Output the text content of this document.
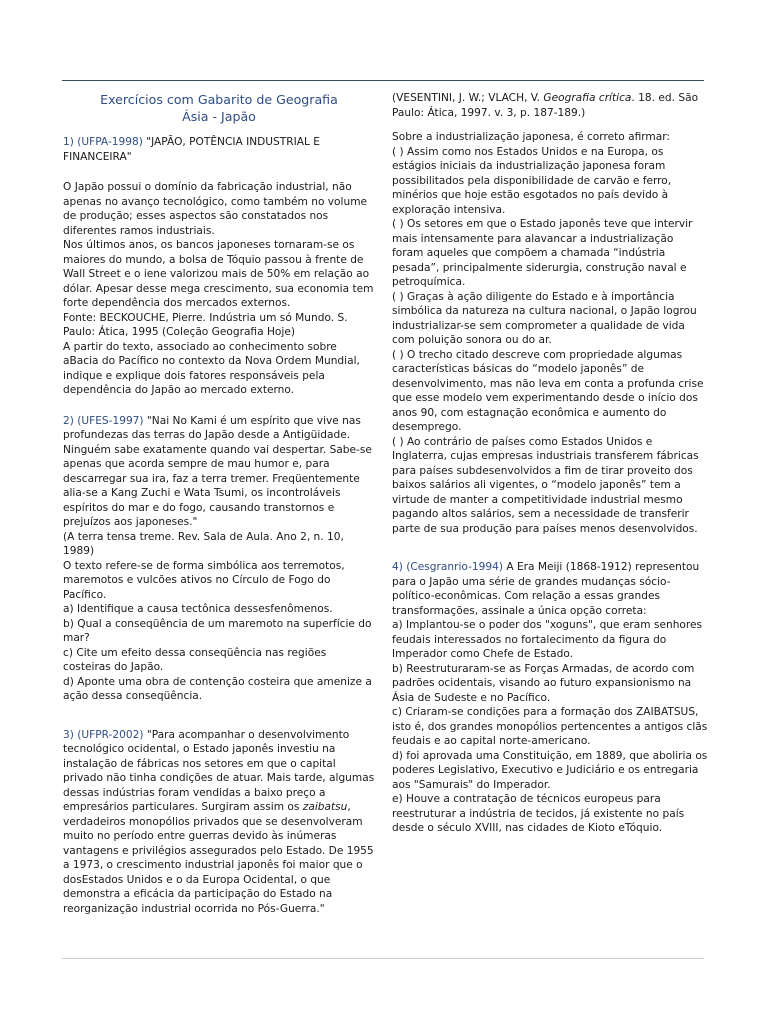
Exercícios com Gabarito de Geografia
Ásia - Japão

1) (UFPA-1998) "JAPÃO, POTÊNCIA INDUSTRIAL E FINANCEIRA"

O Japão possui o domínio da fabricação industrial, não apenas no avanço tecnológico, como também no volume de produção; esses aspectos são constatados nos diferentes ramos industriais.

Nos últimos anos, os bancos japoneses tornaram-se os maiores do mundo, a bolsa de Tóquio passou à frente de Wall Street e o iene valorizou mais de 50% em relação ao dólar. Apesar desse mega crescimento, sua economia tem forte dependência dos mercados externos.

Fonte: BECKOUCHE, Pierre. Indústria um só Mundo. S. Paulo: Ática, 1995 (Coleção Geografia Hoje)

A partir do texto, associado ao conhecimento sobre aBacia do Pacífico no contexto da Nova Ordem Mundial, indique e explique dois fatores responsáveis pela dependência do Japão ao mercado externo.

2) (UFES-1997) "Nai No Kami é um espírito que vive nas profundezas das terras do Japão desde a Antigüidade. Ninguém sabe exatamente quando vai despertar. Sabe-se apenas que acorda sempre de mau humor e, para descarregar sua ira, faz a terra tremer. Freqüentemente alia-se a Kang Zuchi e Wata Tsumi, os incontroláveis espíritos do mar e do fogo, causando transtornos e prejuízos aos japoneses."

(A terra tensa treme. Rev. Sala de Aula. Ano 2, n. 10, 1989)

O texto refere-se de forma simbólica aos terremotos, maremotos e vulcões ativos no Círculo de Fogo do Pacífico.

a) Identifique a causa tectônica dessesfenômenos.

b) Qual a conseqüência de um maremoto na superfície do mar?

c) Cite um efeito dessa conseqüência nas regiões costeiras do Japão.

d) Aponte uma obra de contenção costeira que amenize a ação dessa conseqüência.

3) (UFPR-2002) "Para acompanhar o desenvolvimento tecnológico ocidental, o Estado japonês investiu na instalação de fábricas nos setores em que o capital privado não tinha condições de atuar. Mais tarde, algumas dessas indústrias foram vendidas a baixo preço a empresários particulares. Surgiram assim os zaibatsu, verdadeiros monopólios privados que se desenvolveram muito no período entre guerras devido às inúmeras vantagens e privilégios assegurados pelo Estado. De 1955 a 1973, o crescimento industrial japonês foi maior que o dosEstados Unidos e o da Europa Ocidental, o que demonstra a eficácia da participação do Estado na reorganização industrial ocorrida no Pós-Guerra."

(VESENTINI, J. W.; VLACH, V. Geografia crítica. 18. ed. São Paulo: Ática, 1997. v. 3, p. 187-189.)

Sobre a industrialização japonesa, é correto afirmar:

( ) Assim como nos Estados Unidos e na Europa, os estágios iniciais da industrialização japonesa foram possibilitados pela disponibilidade de carvão e ferro, minérios que hoje estão esgotados no país devido à exploração intensiva.

( ) Os setores em que o Estado japonês teve que intervir mais intensamente para alavancar a industrialização foram aqueles que compõem a chamada “indústria pesada”, principalmente siderurgia, construção naval e petroquímica.

( ) Graças à ação diligente do Estado e à importância simbólica da natureza na cultura nacional, o Japão logrou industrializar-se sem comprometer a qualidade de vida com poluição sonora ou do ar.

( ) O trecho citado descreve com propriedade algumas características básicas do “modelo japonês” de desenvolvimento, mas não leva em conta a profunda crise que esse modelo vem experimentando desde o início dos anos 90, com estagnação econômica e aumento do desemprego.

( ) Ao contrário de países como Estados Unidos e Inglaterra, cujas empresas industriais transferem fábricas para países subdesenvolvidos a fim de tirar proveito dos baixos salários ali vigentes, o “modelo japonês” tem a virtude de manter a competitividade industrial mesmo pagando altos salários, sem a necessidade de transferir parte de sua produção para países menos desenvolvidos.

4) (Cesgranrio-1994) A Era Meiji (1868-1912) representou para o Japão uma série de grandes mudanças sócio-político-econômicas. Com relação a essas grandes transformações, assinale a única opção correta:

a) Implantou-se o poder dos "xoguns", que eram senhores feudais interessados no fortalecimento da figura do Imperador como Chefe de Estado.

b) Reestruturaram-se as Forças Armadas, de acordo com padrões ocidentais, visando ao futuro expansionismo na Ásia de Sudeste e no Pacífico.

c) Criaram-se condições para a formação dos ZAIBATSUS, isto é, dos grandes monopólios pertencentes a antigos clãs feudais e ao capital norte-americano.

d) foi aprovada uma Constituição, em 1889, que aboliria os poderes Legislativo, Executivo e Judiciário e os entregaria aos "Samurais" do Imperador.

e) Houve a contratação de técnicos europeus para reestruturar a indústria de tecidos, já existente no país desde o século XVIII, nas cidades de Kioto eTóquio.
